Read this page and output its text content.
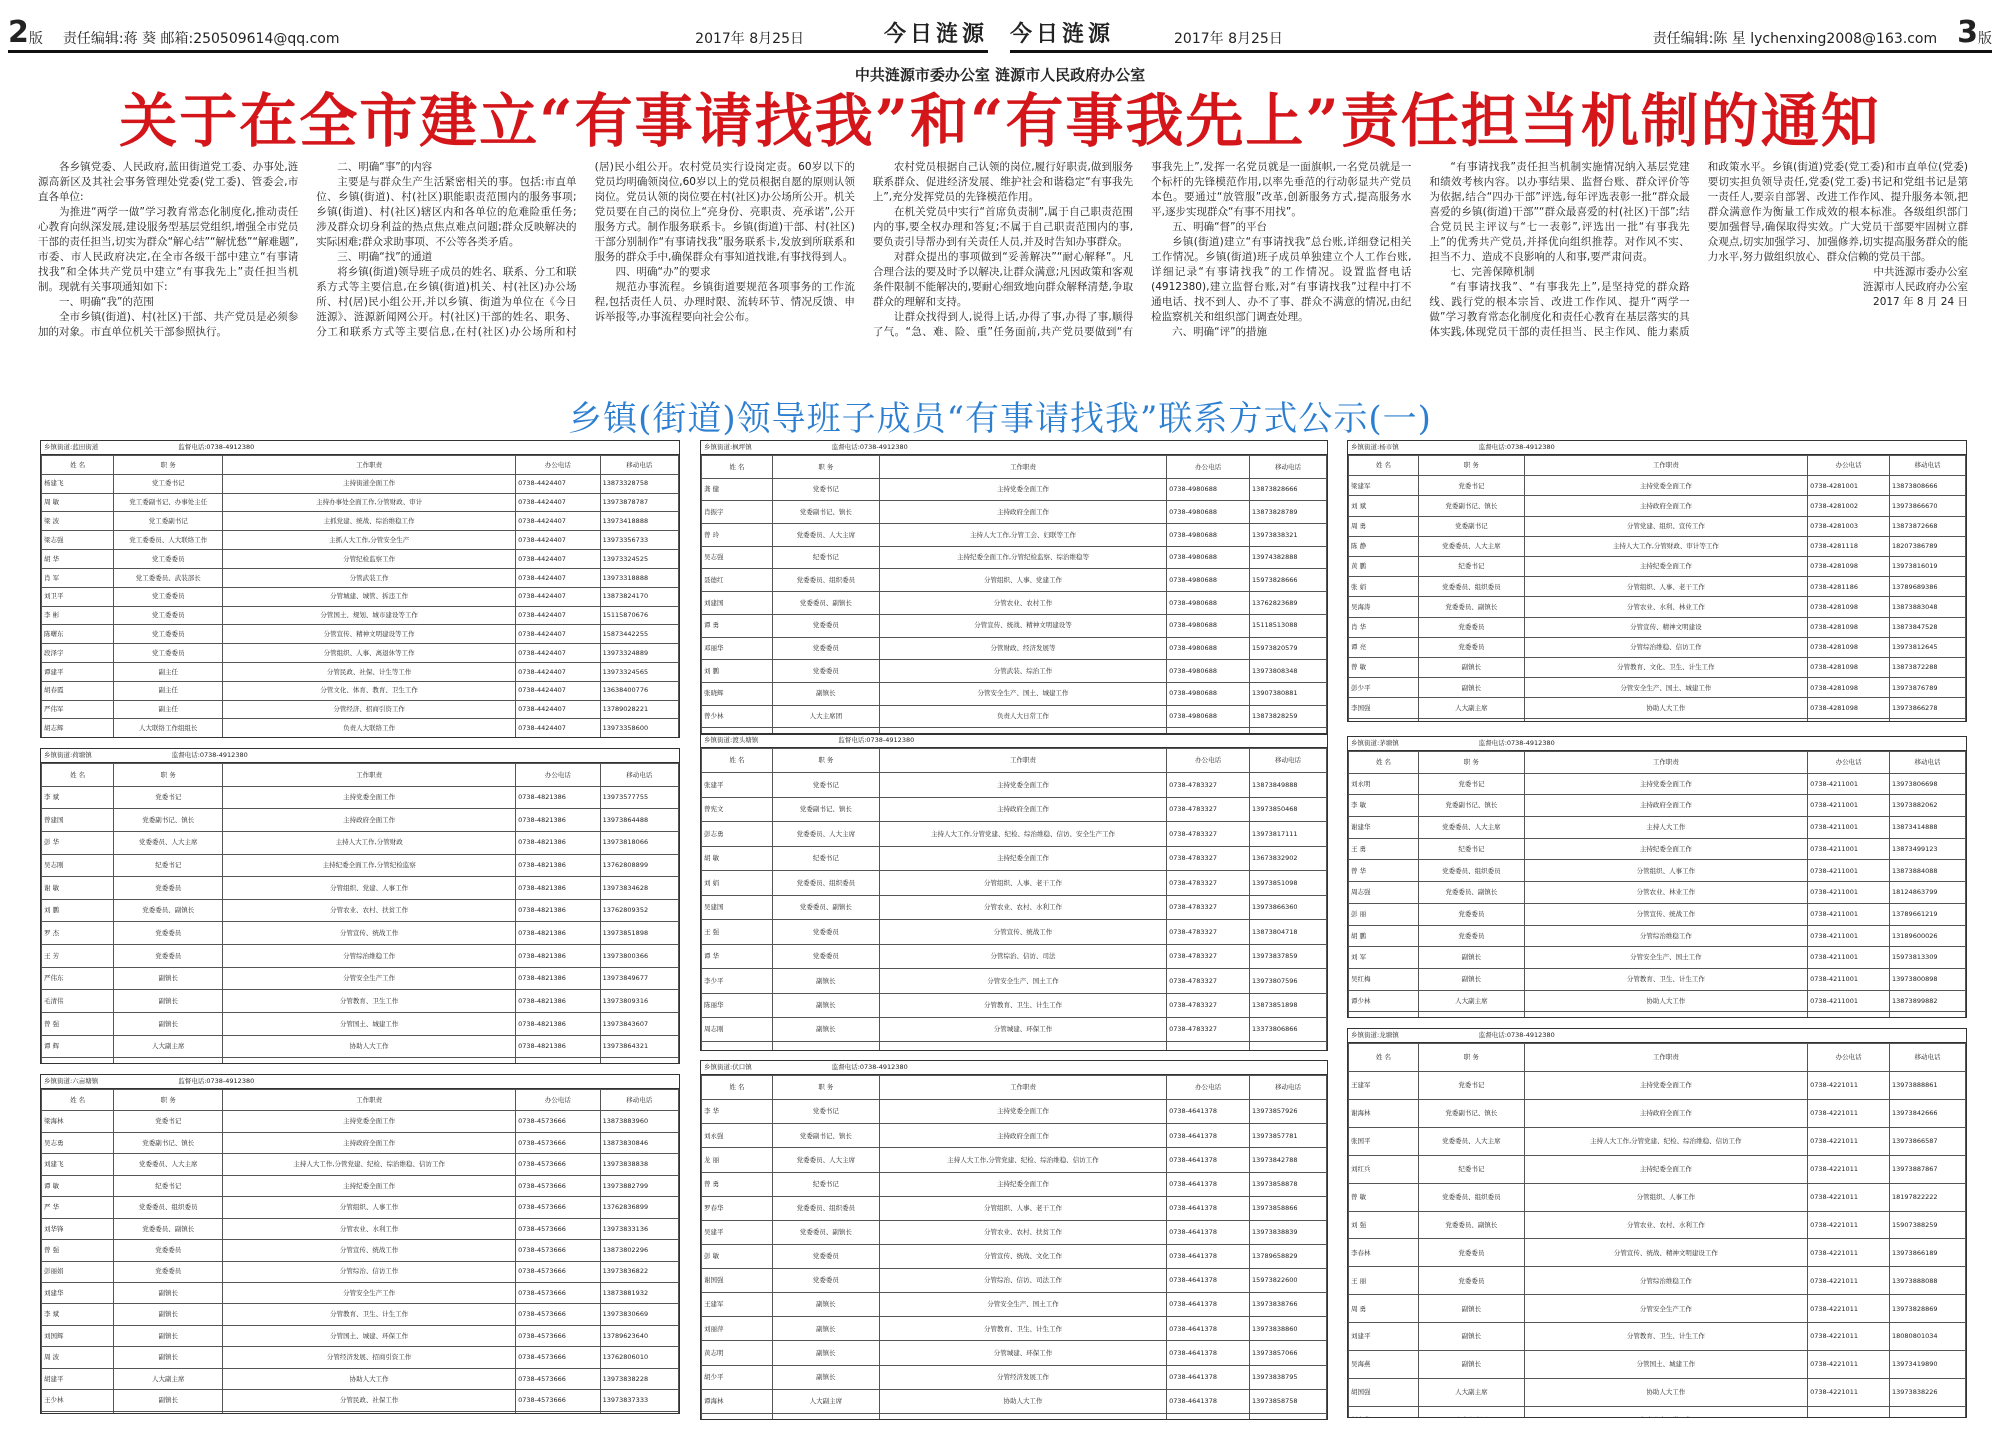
2 版 责任编辑:蒋 葵 邮箱:250509614@qq.com	2017年 8月25日	今日涟源 今日涟源	2017年 8月25日	责任编辑:陈 星 lychenxing2008@163.com 3 版
中共涟源市委办公室 涟源市人民政府办公室
关于在全市建立“有事请找我”和“有事我先上”责任担当机制的通知

各乡镇党委、人民政府,蓝田街道党工委、办事处,涟源高新区及其社会事务管理处党委(党工委)、管委会,市直各单位:

为推进“两学一做”学习教育常态化制度化,推动责任心教育向纵深发展,建设服务型基层党组织,增强全市党员干部的责任担当,切实为群众“解心结”“解忧愁”“解难题”,市委、市人民政府决定,在全市各级干部中建立“有事请找我”和全体共产党员中建立“有事我先上”责任担当机制。现就有关事项通知如下:

一、明确“我”的范围

全市乡镇(街道)、村(社区)干部、共产党员是必须参加的对象。市直单位机关干部参照执行。

二、明确“事”的内容

主要是与群众生产生活紧密相关的事。包括:市直单位、乡镇(街道)、村(社区)职能职责范围内的服务事项;乡镇(街道)、村(社区)辖区内和各单位的危难险重任务;涉及群众切身利益的热点焦点难点问题;群众反映解决的实际困难;群众求助事项、不公等各类矛盾。

三、明确“找”的通道

将乡镇(街道)领导班子成员的姓名、联系、分工和联系方式等主要信息,在乡镇(街道)机关、村(社区)办公场所、村(居)民小组公开,并以乡镇、街道为单位在《今日涟源》、涟源新闻网公开。村(社区)干部的姓名、职务、分工和联系方式等主要信息,在村(社区)办公场所和村(居)民小组公开。农村党员实行设岗定责。60岁以下的党员均明确领岗位,60岁以上的党员根据自愿的原则认领岗位。党员认领的岗位要在村(社区)办公场所公开。机关党员要在自己的岗位上“亮身份、亮职责、亮承诺”,公开服务方式。制作服务联系卡。乡镇(街道)干部、村(社区)干部分别制作“有事请找我”服务联系卡,发放到所联系和服务的群众手中,确保群众有事知道找谁,有事找得到人。

四、明确“办”的要求

规范办事流程。乡镇街道要规范各项事务的工作流程,包括责任人员、办理时限、流转环节、情况反馈、申诉举报等,办事流程要向社会公布。

农村党员根据自己认领的岗位,履行好职责,做到服务联系群众、促进经济发展、维护社会和谐稳定“有事我先上”,充分发挥党员的先锋模范作用。

在机关党员中实行“首席负责制”,属于自己职责范围内的事,要全权办理和答复;不属于自己职责范围内的事,要负责引导帮办到有关责任人员,并及时告知办事群众。

对群众提出的事项做到“妥善解决”“耐心解释”。凡合理合法的要及时予以解决,让群众满意;凡因政策和客观条件限制不能解决的,要耐心细致地向群众解释清楚,争取群众的理解和支持。

让群众找得到人,说得上话,办得了事,办得了事,顺得了气。“急、难、险、重”任务面前,共产党员要做到“有事我先上”,发挥一名党员就是一面旗帜,一名党员就是一个标杆的先锋模范作用,以率先垂范的行动彰显共产党员本色。要通过“放管服”改革,创新服务方式,提高服务水平,逐步实现群众“有事不用找”。

五、明确“督”的平台

乡镇(街道)建立“有事请找我”总台账,详细登记相关工作情况。乡镇(街道)班子成员单独建立个人工作台账,详细记录“有事请找我”的工作情况。设置监督电话(4912380),建立监督台账,对“有事请找我”过程中打不通电话、找不到人、办不了事、群众不满意的情况,由纪检监察机关和组织部门调查处理。

六、明确“评”的措施

“有事请找我”责任担当机制实施情况纳入基层党建和绩效考核内容。以办事结果、监督台账、群众评价等为依据,结合“四办干部”评选,每年评选表彰一批“群众最喜爱的乡镇(街道)干部”“群众最喜爱的村(社区)干部”;结合党员民主评议与“七一表彰”,评选出一批“有事我先上”的优秀共产党员,并择优向组织推荐。对作风不实、担当不力、造成不良影响的人和事,要严肃问责。

七、完善保障机制

“有事请找我”、“有事我先上”,是坚持党的群众路线、践行党的根本宗旨、改进工作作风、提升“两学一做”学习教育常态化制度化和责任心教育在基层落实的具体实践,体现党员干部的责任担当、民主作风、能力素质和政策水平。乡镇(街道)党委(党工委)和市直单位(党委)要切实担负领导责任,党委(党工委)书记和党组书记是第一责任人,要亲自部署、改进工作作风、提升服务本领,把群众满意作为衡量工作成效的根本标准。各级组织部门要加强督导,确保取得实效。广大党员干部要牢固树立群众观点,切实加强学习、加强修养,切实提高服务群众的能力水平,努力做组织放心、群众信赖的党员干部。

中共涟源市委办公室

涟源市人民政府办公室

2017 年 8 月 24 日

乡镇(街道)领导班子成员“有事请找我”联系方式公示(一)
乡镇街道:蓝田街道	监督电话:0738-4912380
姓 名	职 务	工作职责	办公电话	移动电话
杨建飞	党工委书记	主持街道全面工作	0738-4424407	13873328758
周 敏	党工委副书记、办事处主任	主持办事处全面工作,分管财政、审计	0738-4424407	13973878787
梁 波	党工委副书记	主抓党建、统战、综治维稳工作	0738-4424407	13973418888
梁志强	党工委委员、人大联络工作	主抓人大工作,分管安全生产	0738-4424407	13973356733
胡 华	党工委委员	分管纪检监察工作	0738-4424407	13973324525
肖 军	党工委委员、武装部长	分管武装工作	0738-4424407	13973318888
刘卫平	党工委委员	分管城建、城管、拆违工作	0738-4424407	13873824170
李 彬	党工委委员	分管国土、规划、城市建设等工作	0738-4424407	15115870676
陈曙东	党工委委员	分管宣传、精神文明建设等工作	0738-4424407	15873442255
段泽宇	党工委委员	分管组织、人事、离退休等工作	0738-4424407	13973324889
谭建平	副主任	分管民政、社保、计生等工作	0738-4424407	13973324565
胡春霞	副主任	分管文化、体育、教育、卫生工作	0738-4424407	13638400776
严伟军	副主任	分管经济、招商引资工作	0738-4424407	13789028221
胡志辉	人大联络工作组组长	负责人大联络工作	0738-4424407	13973358600

乡镇街道:枫坪镇	监督电话:0738-4912380
姓 名	职 务	工作职责	办公电话	移动电话
龚 健	党委书记	主持党委全面工作	0738-4980688	13873828666
肖振宇	党委副书记、镇长	主持政府全面工作	0738-4980688	13873828789
曾 玲	党委委员、人大主席	主持人大工作,分管工会、妇联等工作	0738-4980688	13973838321
吴志强	纪委书记	主持纪委全面工作,分管纪检监察、综治维稳等	0738-4980688	13974382888
聂德红	党委委员、组织委员	分管组织、人事、党建工作	0738-4980688	15973828666
刘建国	党委委员、副镇长	分管农业、农村工作	0738-4980688	13762823689
谭 勇	党委委员	分管宣传、统战、精神文明建设等	0738-4980688	15118513088
邓丽华	党委委员	分管财政、经济发展等	0738-4980688	15973820579
刘 鹏	党委委员	分管武装、综治工作	0738-4980688	13973808348
张晓辉	副镇长	分管安全生产、国土、城建工作	0738-4980688	13907380881
曾少林	人大主席团	负责人大日常工作	0738-4980688	13873828259

乡镇街道:杨市镇	监督电话:0738-4912380
姓 名	职 务	工作职责	办公电话	移动电话
梁建军	党委书记	主持党委全面工作	0738-4281001	13873808666
刘 斌	党委副书记、镇长	主持政府全面工作	0738-4281002	13973866670
周 勇	党委副书记	分管党建、组织、宣传工作	0738-4281003	13873872668
陈 静	党委委员、人大主席	主持人大工作,分管财政、审计等工作	0738-4281118	18207386789
黄 鹏	纪委书记	主持纪委全面工作	0738-4281098	13973816019
张 娟	党委委员、组织委员	分管组织、人事、老干工作	0738-4281186	13789689386
吴海涛	党委委员、副镇长	分管农业、水利、林业工作	0738-4281098	13873883048
肖 华	党委委员	分管宣传、精神文明建设	0738-4281098	13873847528
谭 亮	党委委员	分管综治维稳、信访工作	0738-4281098	13973812645
曾 敏	副镇长	分管教育、文化、卫生、计生工作	0738-4281098	13873872288
彭少平	副镇长	分管安全生产、国土、城建工作	0738-4281098	13973876789
李国强	人大副主席	协助人大工作	0738-4281098	13973866278

乡镇街道:荷塘镇	监督电话:0738-4912380
姓 名	职 务	工作职责	办公电话	移动电话
李 斌	党委书记	主持党委全面工作	0738-4821386	13973577755
曾建国	党委副书记、镇长	主持政府全面工作	0738-4821386	13973864488
彭 华	党委委员、人大主席	主持人大工作,分管财政	0738-4821386	13973818066
吴志刚	纪委书记	主持纪委全面工作,分管纪检监察	0738-4821386	13762808899
谢 敏	党委委员	分管组织、党建、人事工作	0738-4821386	13973834628
刘 鹏	党委委员、副镇长	分管农业、农村、扶贫工作	0738-4821386	13762809352
罗 杰	党委委员	分管宣传、统战工作	0738-4821386	13973851898
王 芳	党委委员	分管综治维稳工作	0738-4821386	13973800366
严伟东	副镇长	分管安全生产工作	0738-4821386	13973849677
毛清伟	副镇长	分管教育、卫生工作	0738-4821386	13973809316
曾 强	副镇长	分管国土、城建工作	0738-4821386	13973843607
谭 辉	人大副主席	协助人大工作	0738-4821386	13973864321

乡镇街道:渡头塘镇	监督电话:0738-4912380
姓 名	职 务	工作职责	办公电话	移动电话
张建平	党委书记	主持党委全面工作	0738-4783327	13873849888
曾宪文	党委副书记、镇长	主持政府全面工作	0738-4783327	13973850468
彭志勇	党委委员、人大主席	主持人大工作,分管党建、纪检、综治维稳、信访、安全生产工作	0738-4783327	13973817111
胡 敏	纪委书记	主持纪委全面工作	0738-4783327	13673832902
刘 娟	党委委员、组织委员	分管组织、人事、老干工作	0738-4783327	13973851098
吴建国	党委委员、副镇长	分管农业、农村、水利工作	0738-4783327	13973866360
王 强	党委委员	分管宣传、统战工作	0738-4783327	13873804718
谭 华	党委委员	分管综治、信访、司法	0738-4783327	13973837859
李少平	副镇长	分管安全生产、国土工作	0738-4783327	13973807596
陈丽华	副镇长	分管教育、卫生、计生工作	0738-4783327	13873851898
周志刚	副镇长	分管城建、环保工作	0738-4783327	13373806866

乡镇街道:茅塘镇	监督电话:0738-4912380
姓 名	职 务	工作职责	办公电话	移动电话
刘永明	党委书记	主持党委全面工作	0738-4211001	13973806698
李 敏	党委副书记、镇长	主持政府全面工作	0738-4211001	13973882062
谢建华	党委委员、人大主席	主持人大工作	0738-4211001	13873414888
王 勇	纪委书记	主持纪委全面工作	0738-4211001	13873499123
曾 华	党委委员、组织委员	分管组织、人事工作	0738-4211001	13873884088
周志强	党委委员、副镇长	分管农业、林业工作	0738-4211001	18124863799
彭 丽	党委委员	分管宣传、统战工作	0738-4211001	13789661219
胡 鹏	党委委员	分管综治维稳工作	0738-4211001	13189600026
刘 军	副镇长	分管安全生产、国土工作	0738-4211001	15973813309
吴红梅	副镇长	分管教育、卫生、计生工作	0738-4211001	13973800898
谭少林	人大副主席	协助人大工作	0738-4211001	13873899882

乡镇街道:六亩塘镇	监督电话:0738-4912380
姓 名	职 务	工作职责	办公电话	移动电话
梁海林	党委书记	主持党委全面工作	0738-4573666	13873883960
吴志勇	党委副书记、镇长	主持政府全面工作	0738-4573666	13873830846
刘建飞	党委委员、人大主席	主持人大工作,分管党建、纪检、综治维稳、信访工作	0738-4573666	13973838838
谭 敏	纪委书记	主持纪委全面工作	0738-4573666	13973882799
严 华	党委委员、组织委员	分管组织、人事工作	0738-4573666	13762836899
刘华锋	党委委员、副镇长	分管农业、水利工作	0738-4573666	13973833136
曾 强	党委委员	分管宣传、统战工作	0738-4573666	13873802296
彭丽娟	党委委员	分管综治、信访工作	0738-4573666	13973836822
刘建华	副镇长	分管安全生产工作	0738-4573666	13873881932
李 斌	副镇长	分管教育、卫生、计生工作	0738-4573666	13973830669
刘国辉	副镇长	分管国土、城建、环保工作	0738-4573666	13789623640
周 波	副镇长	分管经济发展、招商引资工作	0738-4573666	13762806010
胡建平	人大副主席	协助人大工作	0738-4573666	13973838228
王少林	副镇长	分管民政、社保工作	0738-4573666	13973837333

乡镇街道:伏口镇	监督电话:0738-4912380
姓 名	职 务	工作职责	办公电话	移动电话
李 华	党委书记	主持党委全面工作	0738-4641378	13973857926
刘永强	党委副书记、镇长	主持政府全面工作	0738-4641378	13973857781
龙 丽	党委委员、人大主席	主持人大工作,分管党建、纪检、综治维稳、信访工作	0738-4641378	13973842788
曾 勇	纪委书记	主持纪委全面工作	0738-4641378	13973858878
罗春华	党委委员、组织委员	分管组织、人事、老干工作	0738-4641378	13973858866
吴建平	党委委员、副镇长	分管农业、农村、扶贫工作	0738-4641378	13973838839
彭 敏	党委委员	分管宣传、统战、文化工作	0738-4641378	13789658829
谢国强	党委委员	分管综治、信访、司法工作	0738-4641378	15973822600
王建军	副镇长	分管安全生产、国土工作	0738-4641378	13973838766
刘丽萍	副镇长	分管教育、卫生、计生工作	0738-4641378	13973838860
黄志明	副镇长	分管城建、环保工作	0738-4641378	13973857066
胡少平	副镇长	分管经济发展工作	0738-4641378	13973838795
谭海林	人大副主席	协助人大工作	0738-4641378	13973858758

乡镇街道:龙塘镇	监督电话:0738-4912380
姓 名	职 务	工作职责	办公电话	移动电话
王建军	党委书记	主持党委全面工作	0738-4221011	13973888861
谢海林	党委副书记、镇长	主持政府全面工作	0738-4221011	13973842666
张国平	党委委员、人大主席	主持人大工作,分管党建、纪检、综治维稳、信访工作	0738-4221011	13973866587
刘红兵	纪委书记	主持纪委全面工作	0738-4221011	13973887867
曾 敏	党委委员、组织委员	分管组织、人事工作	0738-4221011	18197822222
刘 强	党委委员、副镇长	分管农业、农村、水利工作	0738-4221011	15907388259
李春林	党委委员	分管宣传、统战、精神文明建设工作	0738-4221011	13973866189
王 丽	党委委员	分管综治维稳工作	0738-4221011	13973888088
周 勇	副镇长	分管安全生产工作	0738-4221011	13973828869
刘建平	副镇长	分管教育、卫生、计生工作	0738-4221011	18080801034
吴海燕	副镇长	分管国土、城建工作	0738-4221011	13973419890
胡国强	人大副主席	协助人大工作	0738-4221011	13973838226
